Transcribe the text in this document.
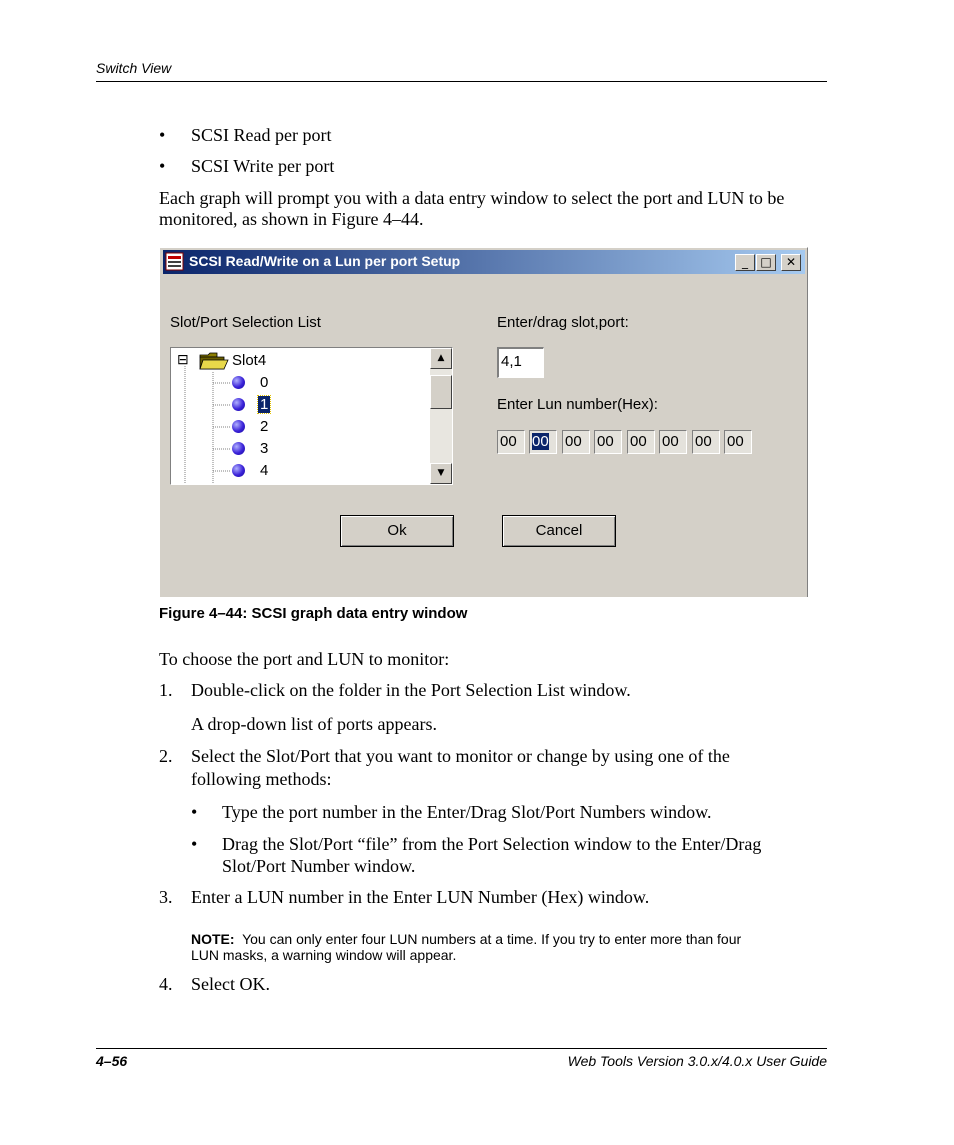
Switch View
• SCSI Read per port
• SCSI Write per port
Each graph will prompt you with a data entry window to select the port and LUN to be
monitored, as shown in Figure 4–44.
SCSI Read/Write on a Lun per port Setup	_	□	✕
Slot/Port Selection List
⊟	Slot4
0
1
2
3
4
▲
▼
Enter/drag slot,port:
4,1
Enter Lun number(Hex):
00	00	00	00	00	00	00	00
Ok	Cancel
Figure 4–44: SCSI graph data entry window
To choose the port and LUN to monitor:
1. Double-click on the folder in the Port Selection List window.
A drop-down list of ports appears.
2. Select the Slot/Port that you want to monitor or change by using one of the
following methods:
• Type the port number in the Enter/Drag Slot/Port Numbers window.
• Drag the Slot/Port “file” from the Port Selection window to the Enter/Drag
Slot/Port Number window.
3. Enter a LUN number in the Enter LUN Number (Hex) window.
NOTE: You can only enter four LUN numbers at a time. If you try to enter more than four
LUN masks, a warning window will appear.
4. Select OK.
4–56	Web Tools Version 3.0.x/4.0.x User Guide
